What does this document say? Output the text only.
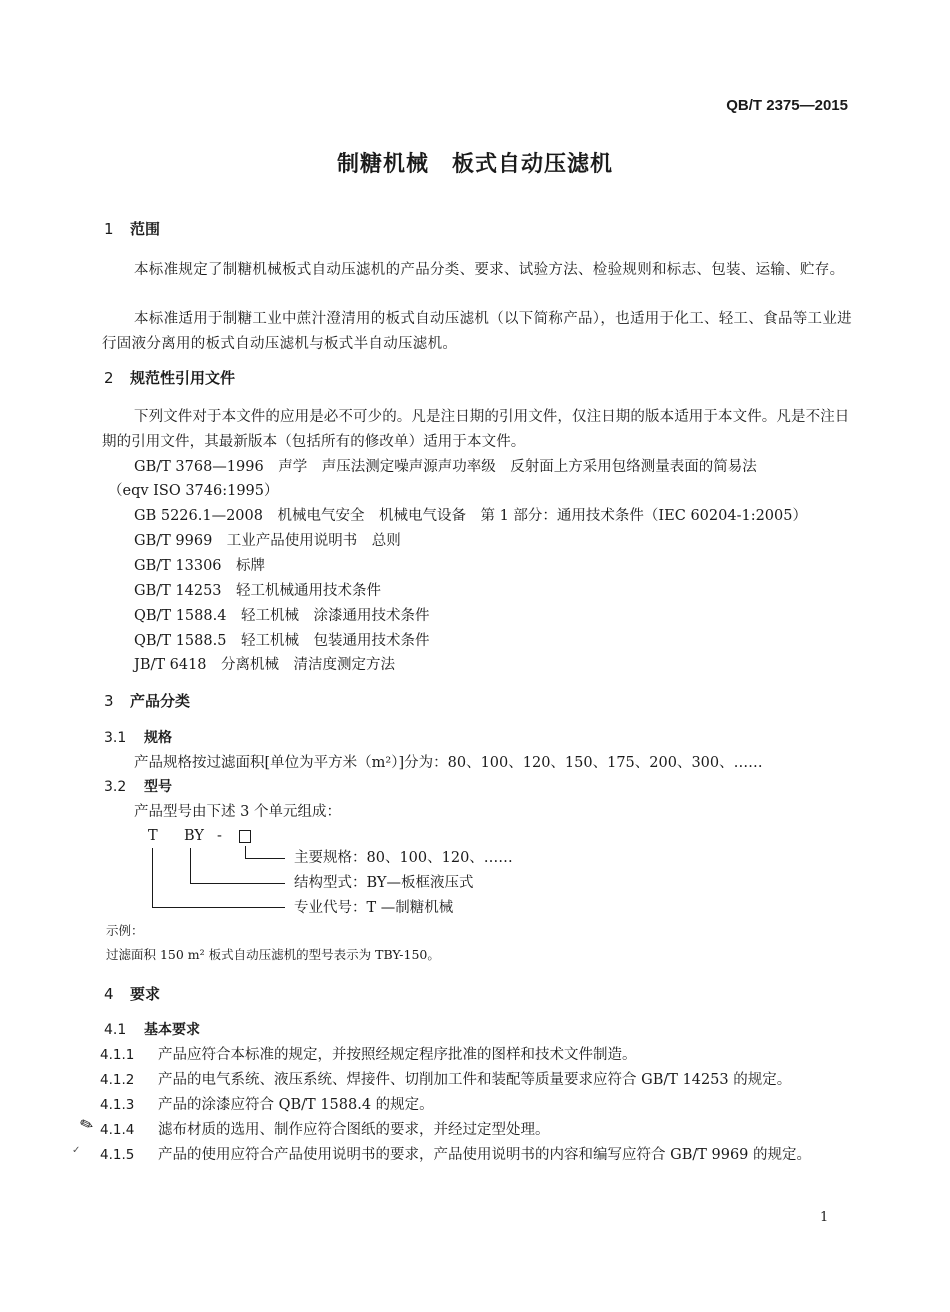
QB/T 2375—2015
制糖机械　板式自动压滤机
1 范围
本标准规定了制糖机械板式自动压滤机的产品分类、要求、试验方法、检验规则和标志、包装、运输、贮存。
本标准适用于制糖工业中蔗汁澄清用的板式自动压滤机（以下简称产品），也适用于化工、轻工、食品等工业进行固液分离用的板式自动压滤机与板式半自动压滤机。
2 规范性引用文件
下列文件对于本文件的应用是必不可少的。凡是注日期的引用文件，仅注日期的版本适用于本文件。凡是不注日期的引用文件，其最新版本（包括所有的修改单）适用于本文件。
GB/T 3768—1996　声学　声压法测定噪声源声功率级　反射面上方采用包络测量表面的简易法
（eqv ISO 3746:1995）
GB 5226.1—2008　机械电气安全　机械电气设备　第 1 部分：通用技术条件（IEC 60204-1:2005）
GB/T 9969　工业产品使用说明书　总则
GB/T 13306　标牌
GB/T 14253　轻工机械通用技术条件
QB/T 1588.4　轻工机械　涂漆通用技术条件
QB/T 1588.5　轻工机械　包装通用技术条件
JB/T 6418　分离机械　清洁度测定方法
3 产品分类
3.1 规格
产品规格按过滤面积[单位为平方米（m²）]分为：80、100、120、150、175、200、300、……
3.2 型号
产品型号由下述 3 个单元组成：
T BY -
主要规格：80、100、120、……
结构型式：BY—板框液压式
专业代号：T —制糖机械
示例：
过滤面积 150 m² 板式自动压滤机的型号表示为 TBY-150。
4 要求
4.1 基本要求
4.1.1 产品应符合本标准的规定，并按照经规定程序批准的图样和技术文件制造。
4.1.2 产品的电气系统、液压系统、焊接件、切削加工件和装配等质量要求应符合 GB/T 14253 的规定。
4.1.3 产品的涂漆应符合 QB/T 1588.4 的规定。
4.1.4 滤布材质的选用、制作应符合图纸的要求，并经过定型处理。
4.1.5 产品的使用应符合产品使用说明书的要求，产品使用说明书的内容和编写应符合 GB/T 9969 的规定。
✎
✓
1
